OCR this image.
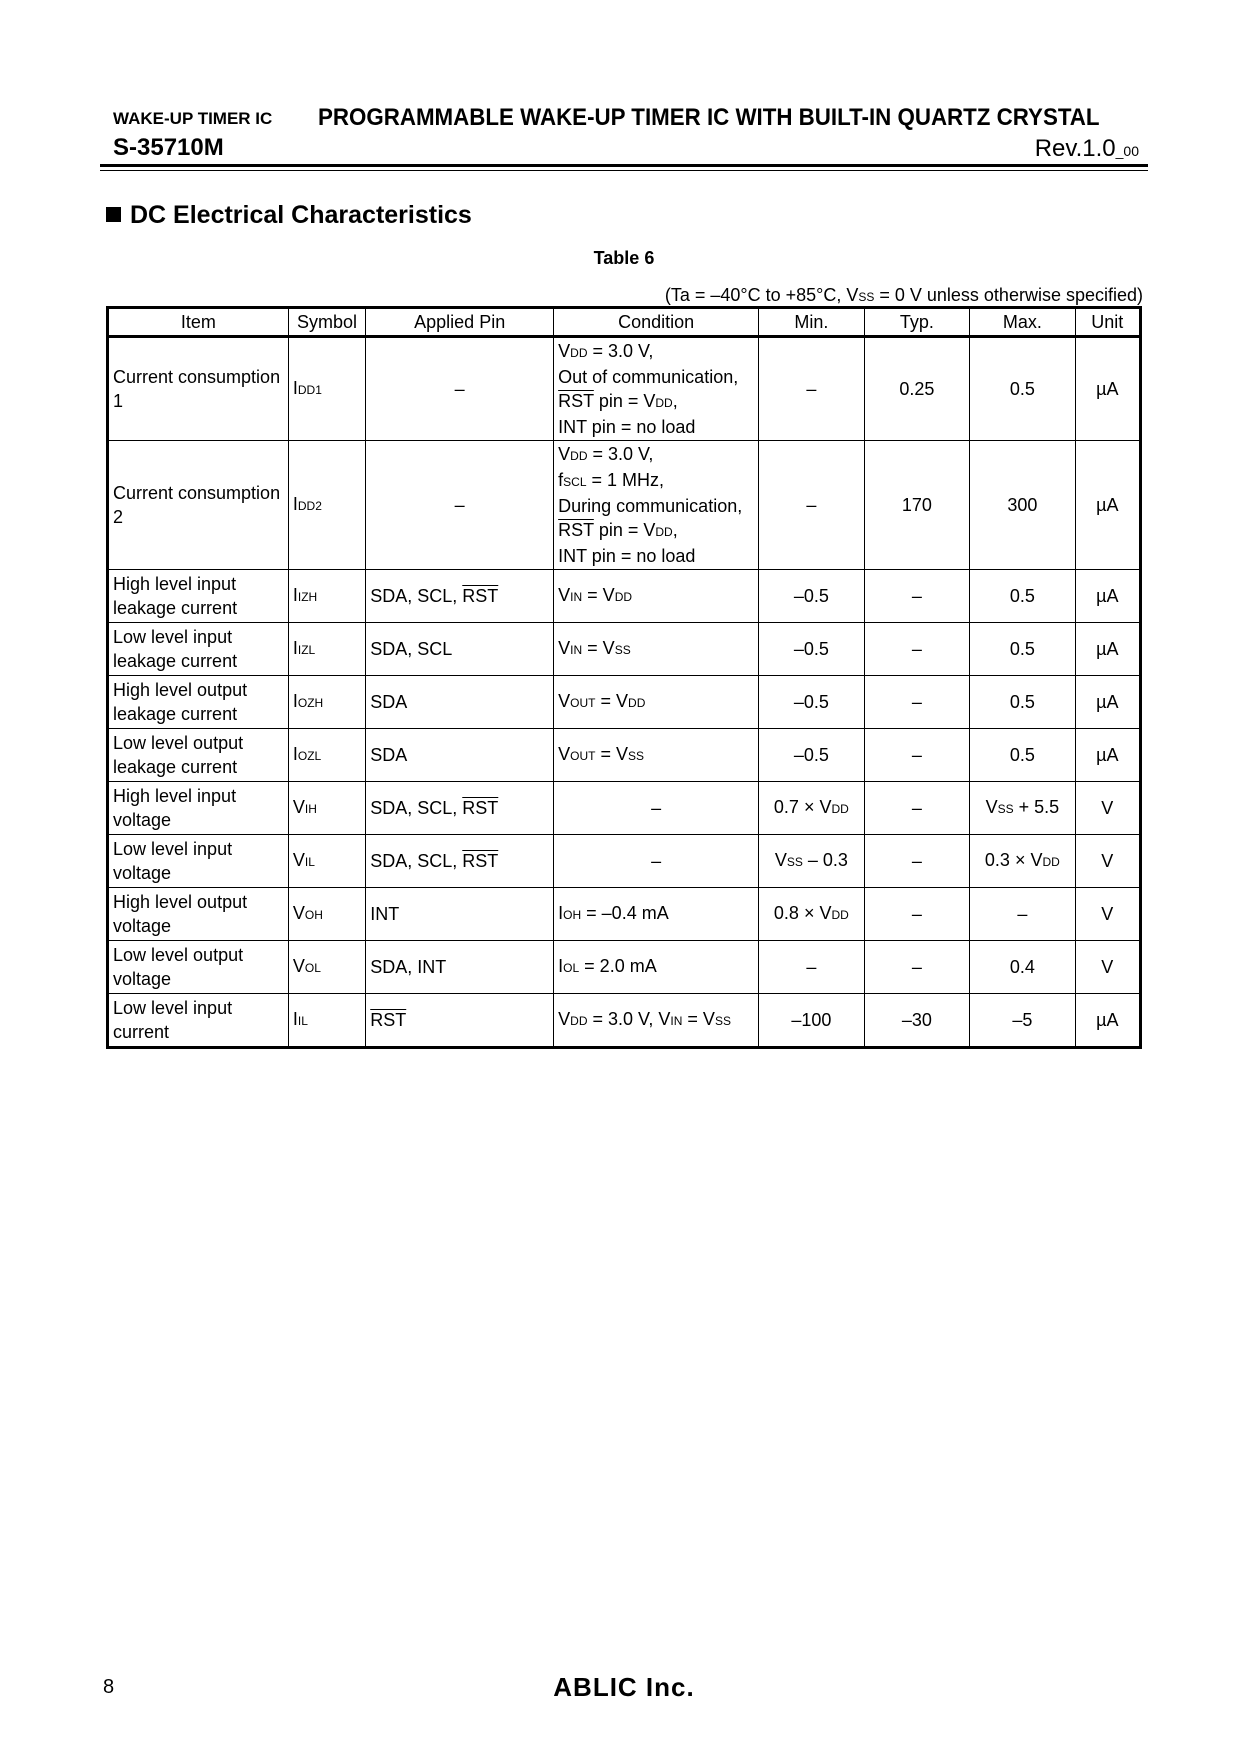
WAKE-UP TIMER IC PROGRAMMABLE WAKE-UP TIMER IC WITH BUILT-IN QUARTZ CRYSTAL
S-35710M	Rev.1.0_00
DC Electrical Characteristics
Table 6
(Ta = –40°C to +85°C, VSS = 0 V unless otherwise specified)
Item	Symbol	Applied Pin	Condition	Min.	Typ.	Max.	Unit
Current consumption 1	IDD1	–	VDD = 3.0 V,
Out of communication,
$\overline{RST}$ pin = VDD,
INT pin = no load	–	0.25	0.5	µA
Current consumption 2	IDD2	–	VDD = 3.0 V,
fSCL = 1 MHz,
During communication,
$\overline{RST}$ pin = VDD,
INT pin = no load	–	170	300	µA
High level input leakage current	IIZH	SDA, SCL, $\overline{RST}$	VIN = VDD	–0.5	–	0.5	µA
Low level input leakage current	IIZL	SDA, SCL	VIN = VSS	–0.5	–	0.5	µA
High level output leakage current	IOZH	SDA	VOUT = VDD	–0.5	–	0.5	µA
Low level output leakage current	IOZL	SDA	VOUT = VSS	–0.5	–	0.5	µA
High level input voltage	VIH	SDA, SCL, $\overline{RST}$	–	0.7 × VDD	–	VSS + 5.5	V
Low level input voltage	VIL	SDA, SCL, $\overline{RST}$	–	VSS – 0.3	–	0.3 × VDD	V
High level output voltage	VOH	INT	IOH = –0.4 mA	0.8 × VDD	–	–	V
Low level output voltage	VOL	SDA, INT	IOL = 2.0 mA	–	–	0.4	V
Low level input current	IIL	$\overline{RST}$	VDD = 3.0 V, VIN = VSS	–100	–30	–5	µA
8	ABLIC Inc.
